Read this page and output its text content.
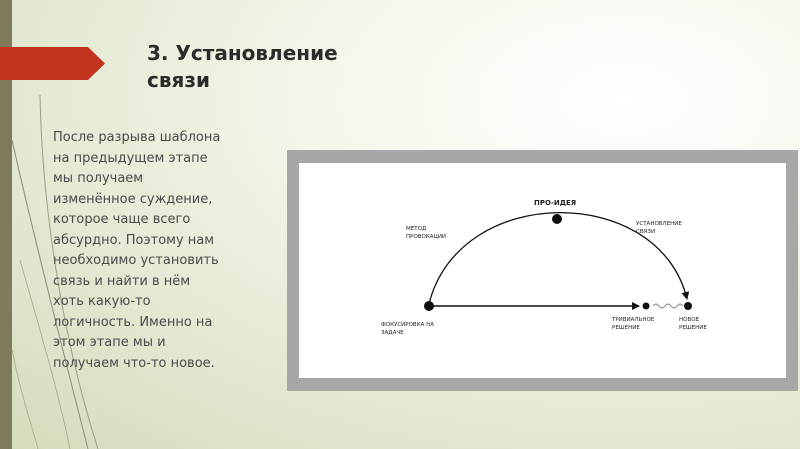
3. Установление
связи
После разрыва шаблона
на предыдущем этапе
мы получаем
изменённое суждение,
которое чаще всего
абсурдно. Поэтому нам
необходимо установить
связь и найти в нём
хоть какую-то
логичность. Именно на
этом этапе мы и
получаем что-то новое.
ПРО-ИДЕЯ
МЕТОД
ПРОВОКАЦИИ
УСТАНОВЛЕНИЕ
СВЯЗИ
ФОКУСИРОВКА НА
ЗАДАЧЕ
ТРИВИАЛЬНОЕ
РЕШЕНИЕ
НОВОЕ
РЕШЕНИЕ
